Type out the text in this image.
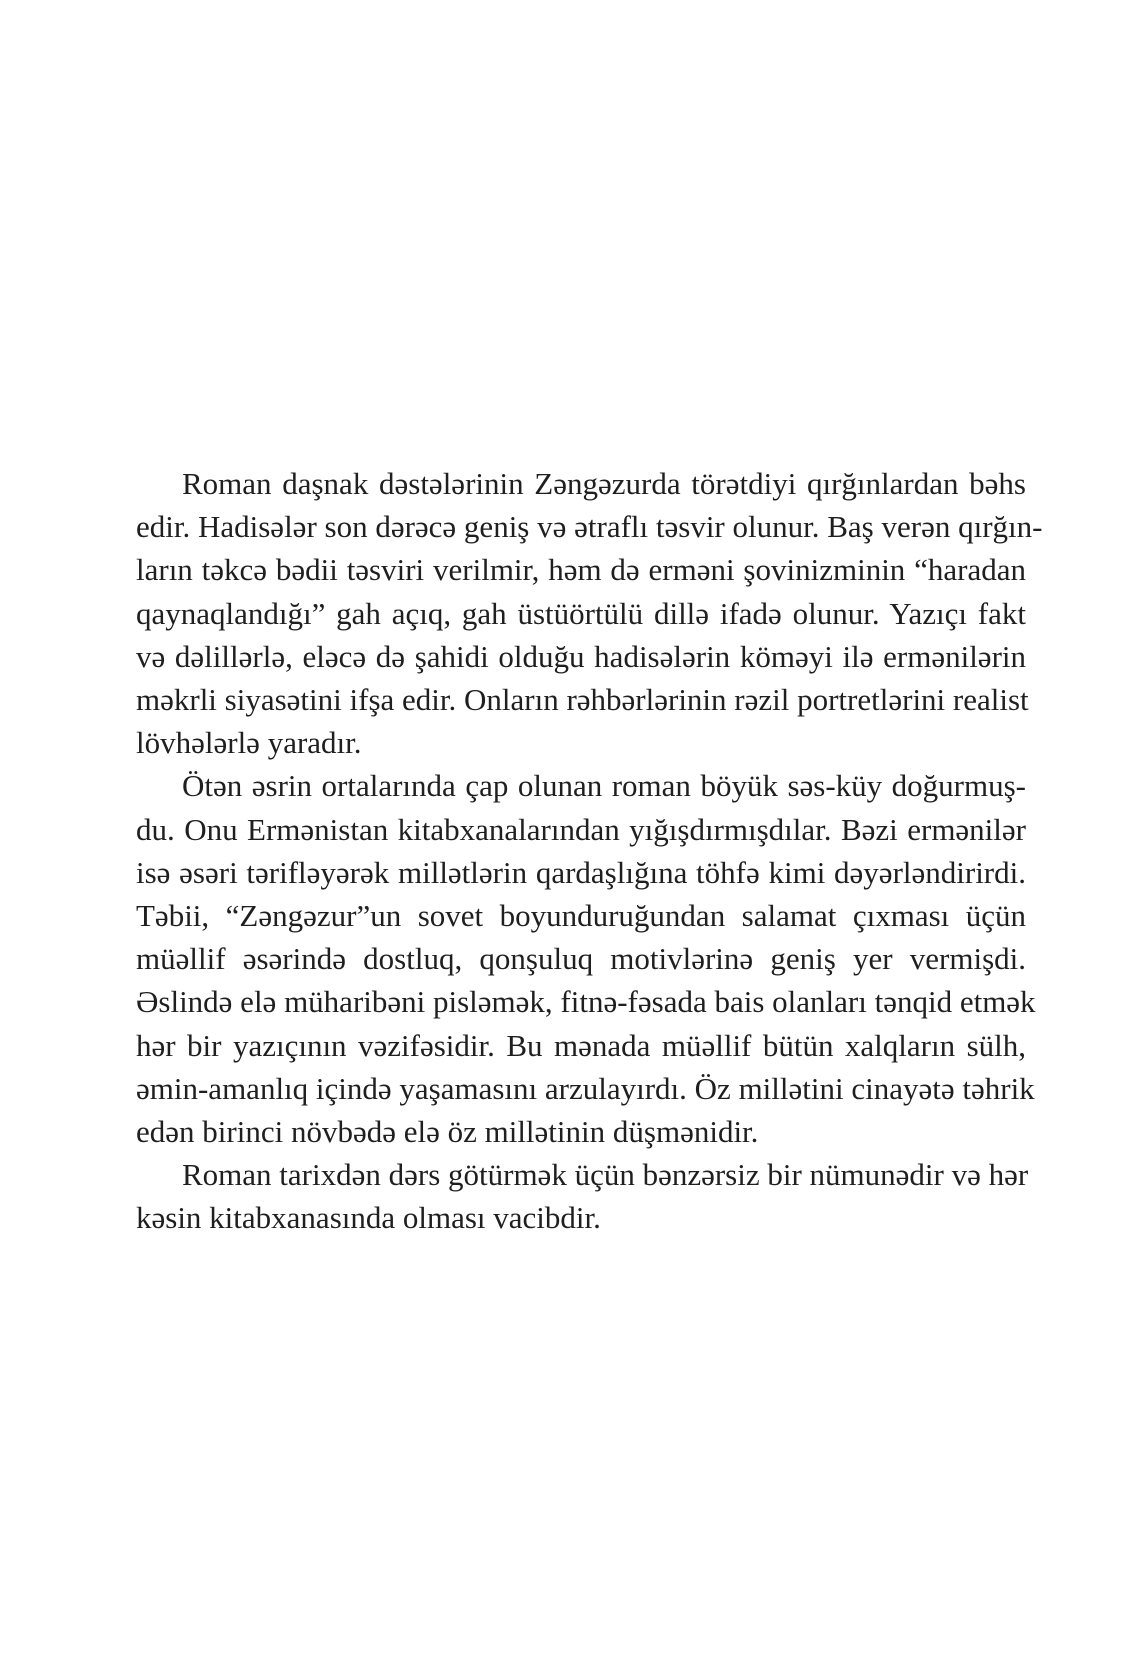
Roman daşnak dəstələrinin Zəngəzurda törətdiyi qırğınlardan bəhs
edir. Hadisələr son dərəcə geniş və ətraflı təsvir olunur. Baş verən qırğın-
ların təkcə bədii təsviri verilmir, həm də erməni şovinizminin “haradan
qaynaqlandığı” gah açıq, gah üstüörtülü dillə ifadə olunur. Yazıçı fakt
və dəlillərlə, eləcə də şahidi olduğu hadisələrin köməyi ilə ermənilərin
məkrli siyasətini ifşa edir. Onların rəhbərlərinin rəzil portretlərini realist
lövhələrlə yaradır.

Ötən əsrin ortalarında çap olunan roman böyük səs-küy doğurmuş-
du. Onu Ermənistan kitabxanalarından yığışdırmışdılar. Bəzi ermənilər
isə əsəri tərifləyərək millətlərin qardaşlığına töhfə kimi dəyərləndirirdi.
Təbii, “Zəngəzur”un sovet boyunduruğundan salamat çıxması üçün
müəllif əsərində dostluq, qonşuluq motivlərinə geniş yer vermişdi.
Əslində elə müharibəni pisləmək, fitnə-fəsada bais olanları tənqid etmək
hər bir yazıçının vəzifəsidir. Bu mənada müəllif bütün xalqların sülh,
əmin-amanlıq içində yaşamasını arzulayırdı. Öz millətini cinayətə təhrik
edən birinci növbədə elə öz millətinin düşmənidir.

Roman tarixdən dərs götürmək üçün bənzərsiz bir nümunədir və hər
kəsin kitabxanasında olması vacibdir.
